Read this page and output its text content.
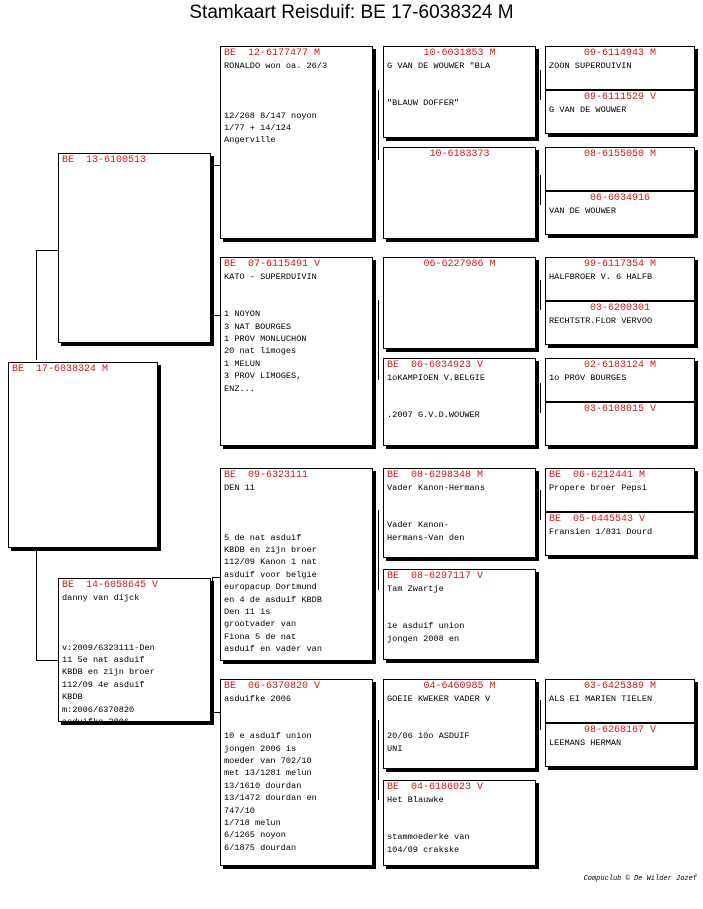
Stamkaart Reisduif: BE 17-6038324 M
BE  17-6038324 M
BE  13-6100513
BE  14-6058645 V
danny van dijck

v:2009/6323111-Den
11 5e nat asduif
KBDB en zijn broer
112/09 4e asduif
KBDB
m:2006/6370820
asduifke 2006
BE  12-6177477 M
RONALDO won oa. 26/3

12/268 8/147 noyon
1/77 + 14/124
Angerville
BE  07-6115491 V
KATO - SUPERDUIVIN

1 NOYON
3 NAT BOURGES
1 PROV MONLUCHON
20 nat limoges
1 MELUN
3 PROV LIMOGES,
ENZ...
BE  09-6323111
DEN 11

5 de nat asduif
KBDB en zijn broer
112/09 Kanon 1 nat
asduif voor belgie
europacup Dortmund
en 4 de asduif KBDB
Den 11 is
grootvader van
Fiona 5 de nat
asduif en vader van
BE  06-6370820 V
asduifke 2006

10 e asduif union
jongen 2006 is
moeder van 702/10
met 13/1281 melun
13/1610 dourdan
13/1472 dourdan en
747/10
1/718 melun
6/1265 noyon
6/1875 dourdan
10-6031853 M
G VAN DE WOUWER "BLA

"BLAUW DOFFER"
10-6183373
06-6227986 M
BE  06-6034923 V
1oKAMPIOEN V.BELGIE

.2007 G.V.D.WOUWER
BE  08-6298348 M
Vader Kanon-Hermans

Vader Kanon-
Hermans-Van den
BE  08-6297117 V
Tam Zwartje

1e asduif union
jongen 2008 en
04-6460985 M
GOEIE KWEKER VADER V

20/06 10o ASDUIF
UNI
BE  04-6186023 V
Het Blauwke

stammoederke van
104/09 crakske
09-6114943 M
ZOON SUPERDUIVIN
09-6111529 V
G VAN DE WOUWER
08-6155050 M
06-6034916
VAN DE WOUWER
99-6117354 M
HALFBROER V. 6 HALFB
03-6200301
RECHTSTR.FLOR VERVOO
02-6183124 M
1o PROV BOURGES
03-6108015 V
BE  06-6212441 M
Propere broer Pepsi
BE  05-6445543 V
Fransien 1/831 Dourd
03-6425389 M
ALS EI MARIEN TIELEN
98-6268167 V
LEEMANS HERMAN
Compuclub © De Wilder Jozef
